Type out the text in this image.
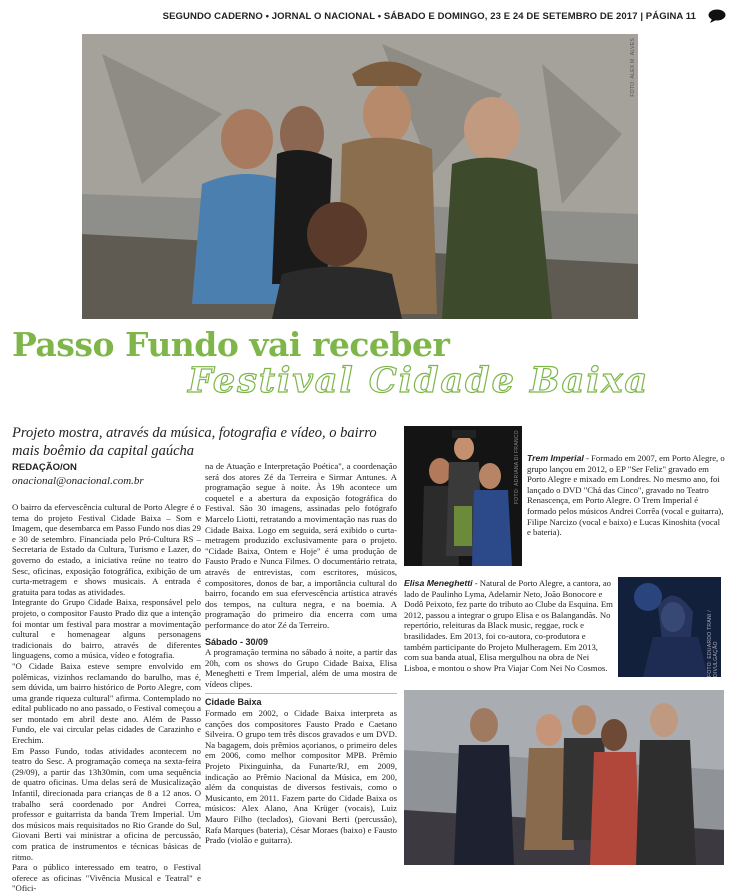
SEGUNDO CADERNO • JORNAL O NACIONAL • SÁBADO E DOMINGO, 23 E 24 DE SETEMBRO DE 2017 | PÁGINA 11
FOTO: ALEX M. ALVES
Passo Fundo vai receber
Festival Cidade Baixa
Projeto mostra, através da música, fotografia e vídeo, o bairro mais boêmio da capital gaúcha
REDAÇÃO/ON
onacional@onacional.com.br

O bairro da efervescência cultural de Porto Alegre é o tema do projeto Festival Cidade Baixa – Som e Imagem, que desembarca em Passo Fundo nos dias 29 e 30 de setembro. Financiada pelo Pró-Cultura RS – Secretaria de Estado da Cultura, Turismo e Lazer, do governo do estado, a iniciativa reúne no teatro do Sesc, oficinas, exposição fotográfica, exibição de um curta-metragem e shows musicais. A entrada é gratuita para todas as atividades.

Integrante do Grupo Cidade Baixa, responsável pelo projeto, o compositor Fausto Prado diz que a intenção foi montar um festival para mostrar a movimentação cultural e homenagear alguns personagens tradicionais do bairro, através de diferentes linguagens, como a música, vídeo e fotografia.

"O Cidade Baixa esteve sempre envolvido em polêmicas, vizinhos reclamando do barulho, mas é, sem dúvida, um bairro histórico de Porto Alegre, com uma grande riqueza cultural" afirma. Contemplado no edital publicado no ano passado, o Festival começou a ser montado em abril deste ano. Além de Passo Fundo, ele vai circular pelas cidades de Carazinho e Erechim.

Em Passo Fundo, todas atividades acontecem no teatro do Sesc. A programação começa na sexta-feira (29/09), a partir das 13h30min, com uma sequência de quatro oficinas. Uma delas será de Musicalização Infantil, direcionada para crianças de 8 a 12 anos. O trabalho será coordenado por Andrei Correa, professor e guitarrista da banda Trem Imperial. Um dos músicos mais requisitados no Rio Grande do Sul, Giovani Berti vai ministrar a oficina de percussão, com pratica de instrumentos e técnicas básicas de ritmo.

Para o público interessado em teatro, o Festival oferece as oficinas "Vivência Musical e Teatral" e "Ofici-

na de Atuação e Interpretação Poética", a coordenação será dos atores Zé da Terreira e Sirmar Antunes. A programação segue à noite. Às 19h acontece um coquetel e a abertura da exposição fotográfica do Festival. São 30 imagens, assinadas pelo fotógrafo Marcelo Liotti, retratando a movimentação nas ruas do Cidade Baixa. Logo em seguida, será exibido o curta-metragem produzido exclusivamente para o projeto. "Cidade Baixa, Ontem e Hoje" é uma produção de Fausto Prado e Nunca Filmes. O documentário retrata, através de entrevistas, com escritores, músicos, compositores, donos de bar, a importância cultural do bairro, focando em sua efervescência artística através dos tempos, na cultura negra, e na boemia. A programação do primeiro dia encerra com uma performance do ator Zé da Terreiro.

Sábado - 30/09

A programação termina no sábado à noite, a partir das 20h, com os shows do Grupo Cidade Baixa, Elisa Meneghetti e Trem Imperial, além de uma mostra de vídeos clipes.

Cidade Baixa

Formado em 2002, o Cidade Baixa interpreta as canções dos compositores Fausto Prado e Caetano Silveira. O grupo tem três discos gravados e um DVD. Na bagagem, dois prêmios açorianos, o primeiro deles em 2006, como melhor compositor MPB. Prêmio Projeto Pixinguinha, da Funarte/RJ, em 2009, indicação ao Prêmio Nacional da Música, em 200, além da conquistas de diversos festivais, como o Musicanto, em 2011. Fazem parte do Cidade Baixa os músicos: Alex Alano, Ana Krüger (vocais), Luiz Mauro Filho (teclados), Giovani Berti (percussão), Rafa Marques (bateria), César Moraes (baixo) e Fausto Prado (violão e guitarra).

FOTO: ADRIANA DI FRANCO Trem Imperial - Formado em 2007, em Porto Alegre, o grupo lançou em 2012, o EP "Ser Feliz" gravado em Porto Alegre e mixado em Londres. No mesmo ano, foi lançado o DVD "Chá das Cinco", gravado no Teatro Renascença, em Porto Alegre. O Trem Imperial é formado pelos músicos Andrei Corrêa (vocal e guitarra), Filipe Narcizo (vocal e baixo) e Lucas Kinoshita (vocal e bateria).
Elisa Meneghetti - Natural de Porto Alegre, a cantora, ao lado de Paulinho Lyma, Adelamir Neto, João Bonocore e Dodô Peixoto, fez parte do tributo ao Clube da Esquina. Em 2012, passou a integrar o grupo Elisa e os Balangandãs. No repertório, releituras da Black music, reggae, rock e brasilidades. Em 2013, foi co-autora, co-produtora e também participante do Projeto Mulheragem. Em 2013, com sua banda atual, Elisa mergulhou na obra de Nei Lisboa, e montou o show Pra Viajar Com Nei No Cosmos.	FOTO: EDUARDO TRANI / DIVULGAÇÃO
